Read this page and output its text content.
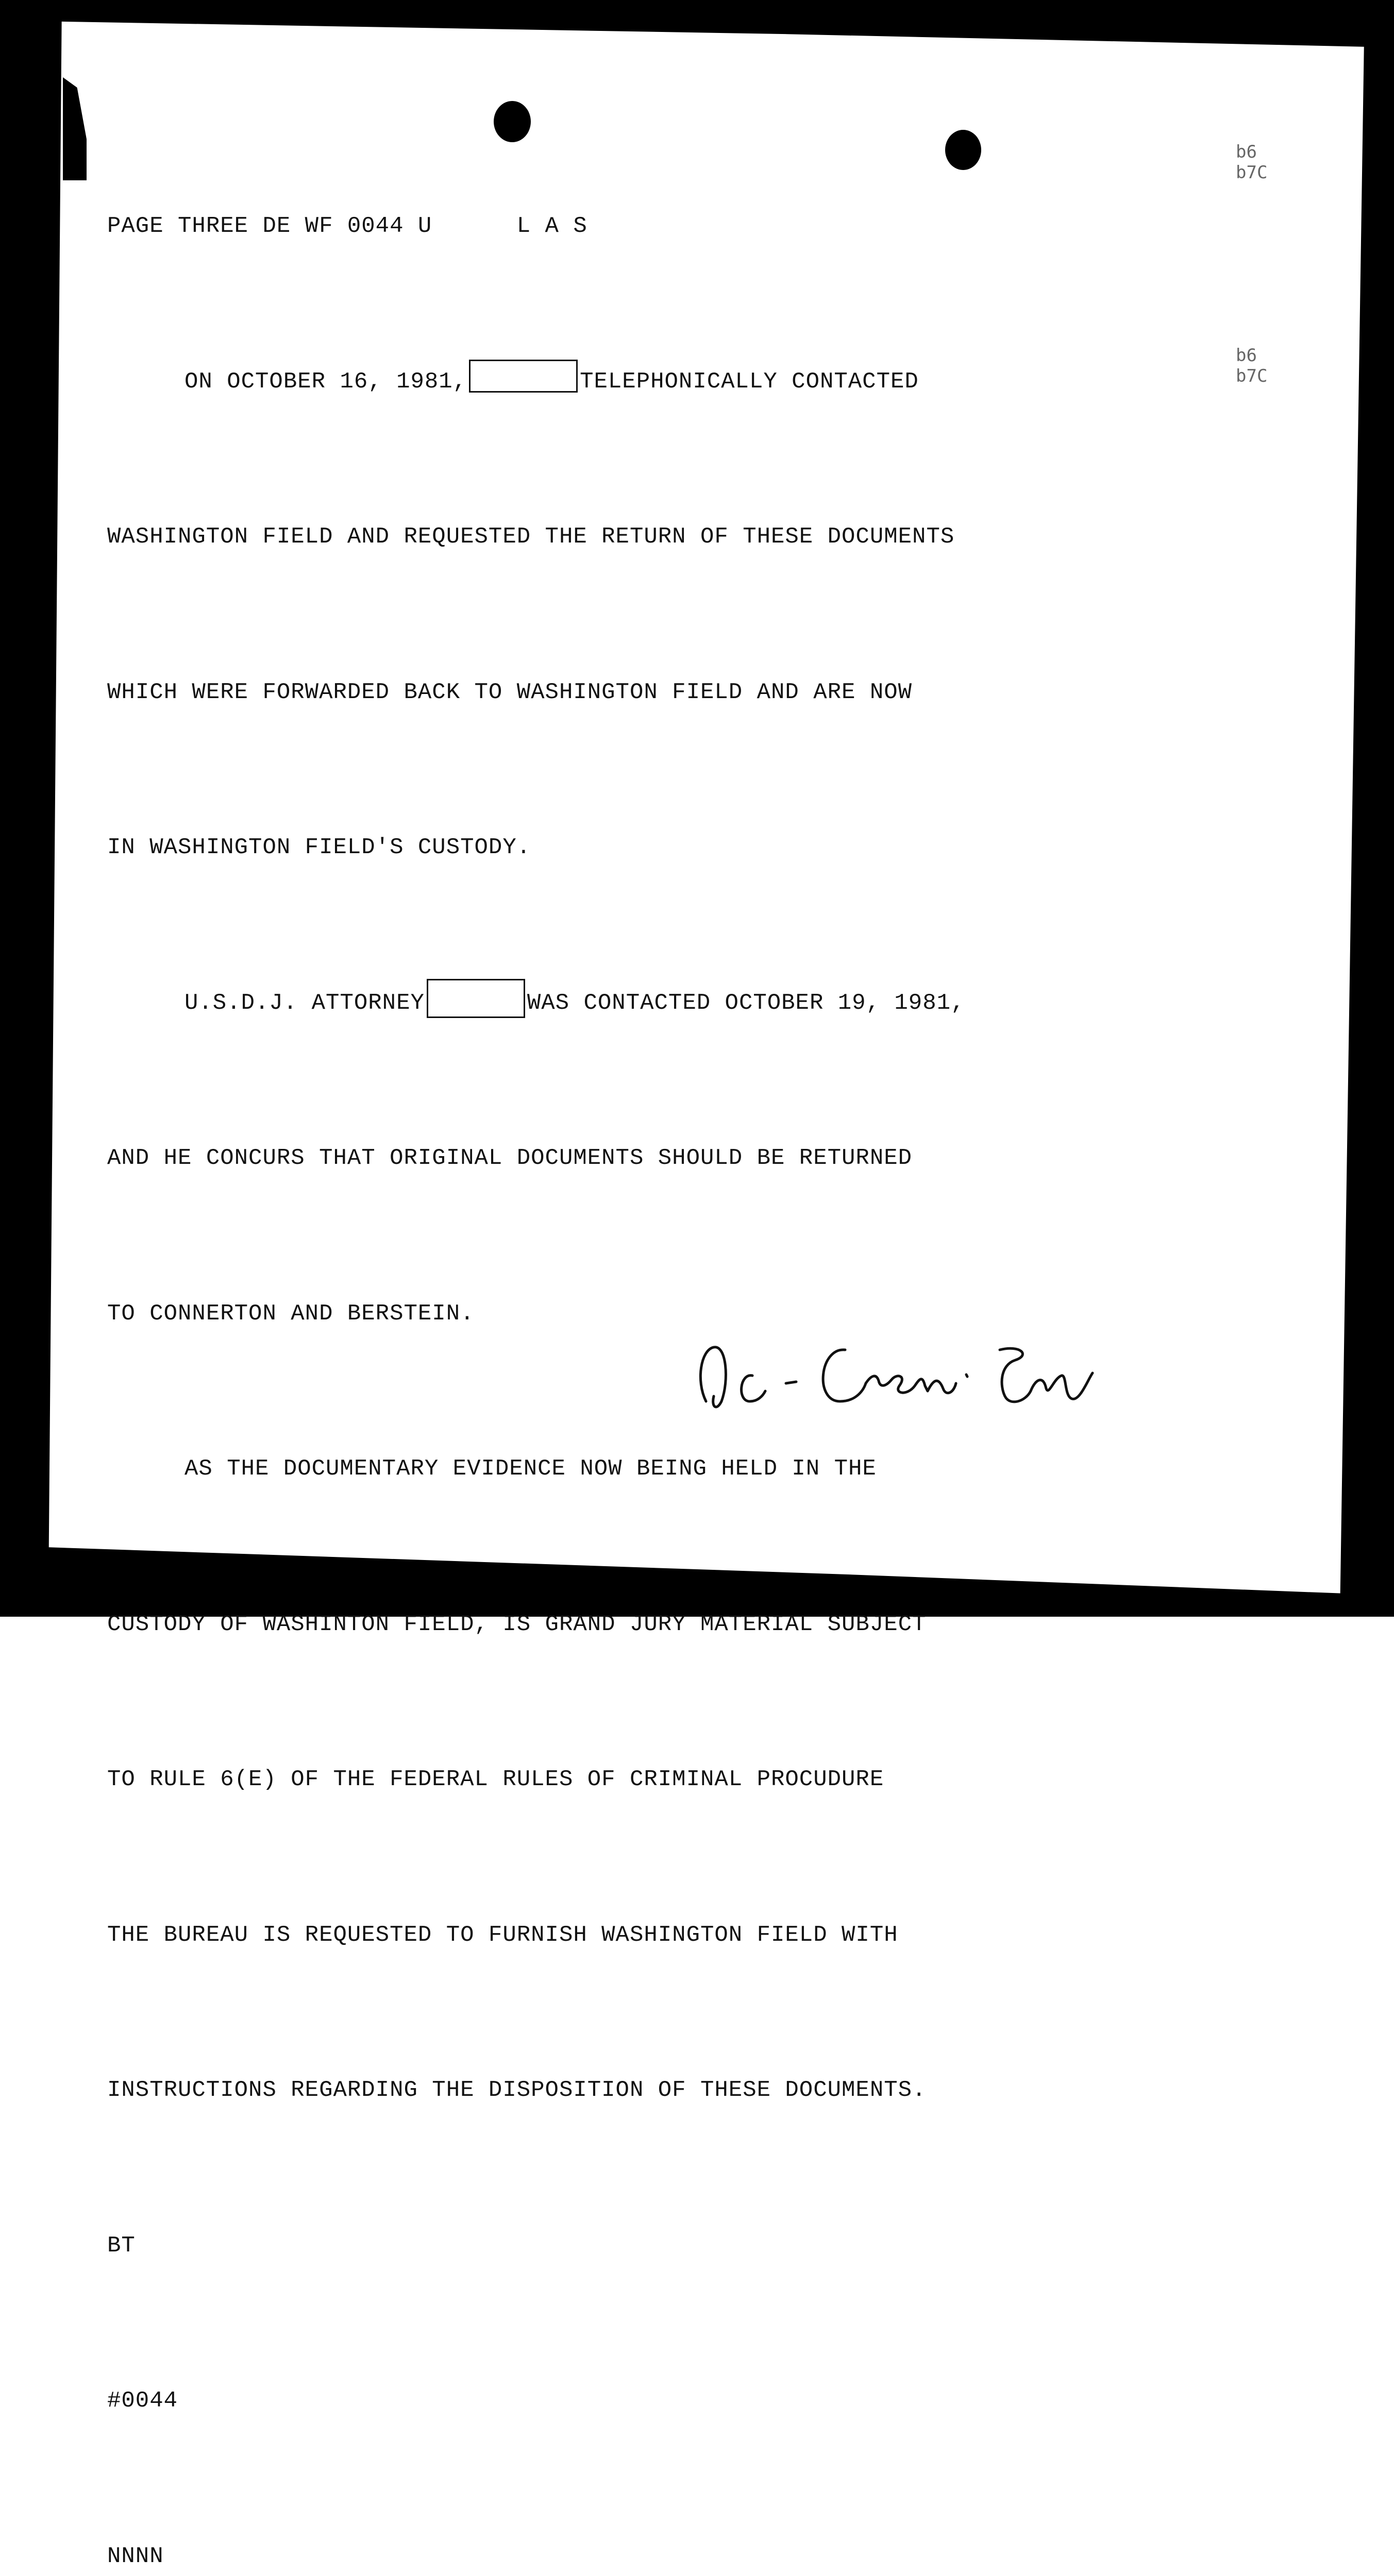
PAGE THREE DE WF 0044 U	L A S

ON OCTOBER 16, 1981,	TELEPHONICALLY CONTACTED

WASHINGTON FIELD AND REQUESTED THE RETURN OF THESE DOCUMENTS

WHICH WERE FORWARDED BACK TO WASHINGTON FIELD AND ARE NOW

IN WASHINGTON FIELD'S CUSTODY.

U.S.D.J. ATTORNEY	WAS CONTACTED OCTOBER 19, 1981,

AND HE CONCURS THAT ORIGINAL DOCUMENTS SHOULD BE RETURNED

TO CONNERTON AND BERSTEIN.

AS THE DOCUMENTARY EVIDENCE NOW BEING HELD IN THE

CUSTODY OF WASHINTON FIELD, IS GRAND JURY MATERIAL SUBJECT

TO RULE 6(E) OF THE FEDERAL RULES OF CRIMINAL PROCUDURE

THE BUREAU IS REQUESTED TO FURNISH WASHINGTON FIELD WITH

INSTRUCTIONS REGARDING THE DISPOSITION OF THESE DOCUMENTS.

BT

#0044

NNNN

b6
b7C
b6
b7C
